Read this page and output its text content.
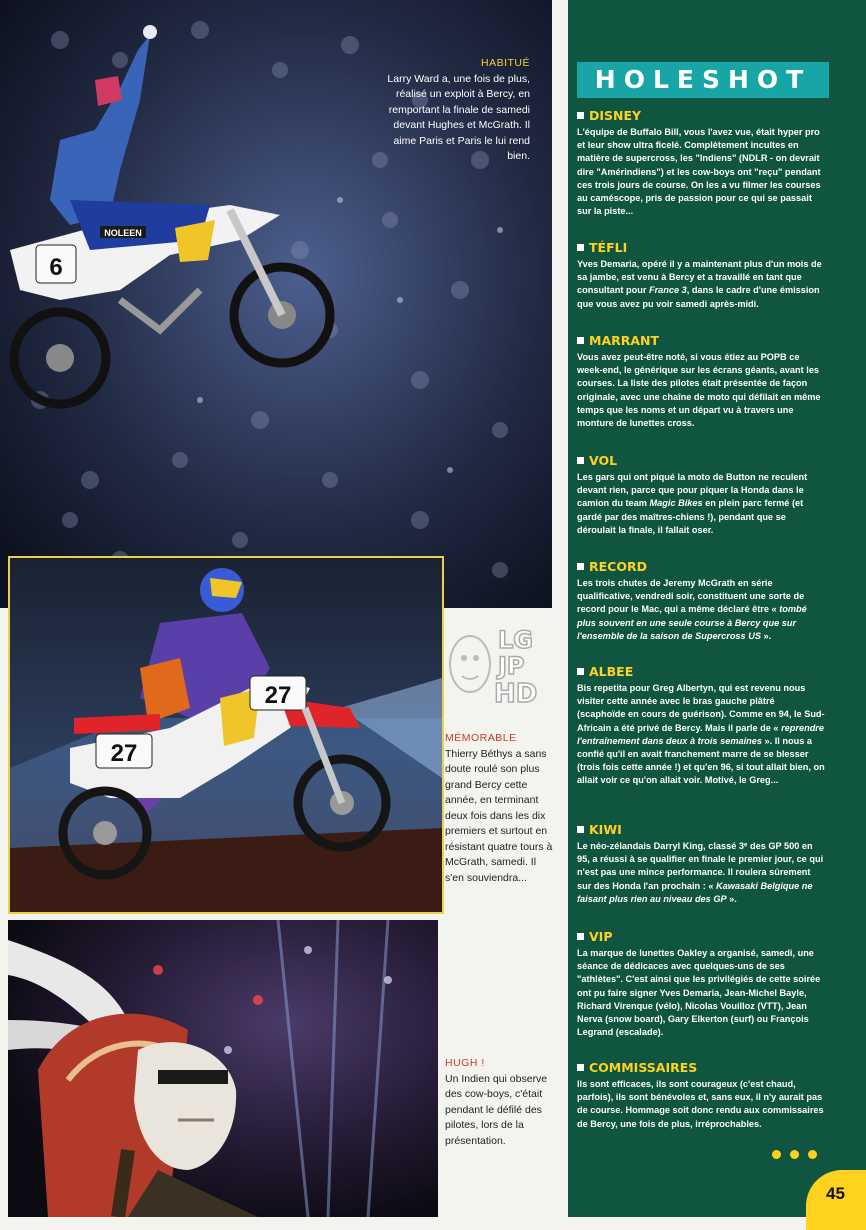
NOLEEN
6
27
27
HABITUÉ
Larry Ward a, une fois de plus, réalisé un exploit à Bercy, en remportant la finale de samedi devant Hughes et McGrath. Il aime Paris et Paris le lui rend bien.
MÉMORABLE
Thierry Béthys a sans doute roulé son plus grand Bercy cette année, en terminant deux fois dans les dix premiers et surtout en résistant quatre tours à McGrath, samedi. Il s'en souviendra...
HUGH !
Un Indien qui observe des cow-boys, c'était pendant le défilé des pilotes, lors de la présentation.
LG
JP
HD
HOLESHOT
DISNEY

L'équipe de Buffalo Bill, vous l'avez vue, était hyper pro et leur show ultra ficelé. Complètement incultes en matière de supercross, les "Indiens" (NDLR - on devrait dire "Amérindiens") et les cow-boys ont "reçu" pendant ces trois jours de course. On les a vu filmer les courses au caméscope, pris de passion pour ce qui se passait sur la piste...

TÉFLI

Yves Demaria, opéré il y a maintenant plus d'un mois de sa jambe, est venu à Bercy et a travaillé en tant que consultant pour France 3, dans le cadre d'une émission que vous avez pu voir samedi après-midi.

MARRANT

Vous avez peut-être noté, si vous étiez au POPB ce week-end, le générique sur les écrans géants, avant les courses. La liste des pilotes était présentée de façon originale, avec une chaîne de moto qui défilait en même temps que les noms et un départ vu à travers une monture de lunettes cross.

VOL

Les gars qui ont piqué la moto de Button ne reculent devant rien, parce que pour piquer la Honda dans le camion du team Magic Bikes en plein parc fermé (et gardé par des maîtres-chiens !), pendant que se déroulait la finale, il fallait oser.

RECORD

Les trois chutes de Jeremy McGrath en série qualificative, vendredi soir, constituent une sorte de record pour le Mac, qui a même déclaré être « tombé plus souvent en une seule course à Bercy que sur l'ensemble de la saison de Supercross US ».

ALBEE

Bis repetita pour Greg Albertyn, qui est revenu nous visiter cette année avec le bras gauche plâtré (scaphoïde en cours de guérison). Comme en 94, le Sud-Africain a été privé de Bercy. Mais il parle de « reprendre l'entraînement dans deux à trois semaines ». Il nous a confié qu'il en avait franchement marre de se blesser (trois fois cette année !) et qu'en 96, si tout allait bien, on allait voir ce qu'on allait voir. Motivé, le Greg...

KIWI

Le néo-zélandais Darryl King, classé 3ᵉ des GP 500 en 95, a réussi à se qualifier en finale le premier jour, ce qui n'est pas une mince performance. Il roulera sûrement sur des Honda l'an prochain : « Kawasaki Belgique ne faisant plus rien au niveau des GP ».

VIP

La marque de lunettes Oakley a organisé, samedi, une séance de dédicaces avec quelques-uns de ses "athlètes". C'est ainsi que les privilégiés de cette soirée ont pu faire signer Yves Demaria, Jean-Michel Bayle, Richard Virenque (vélo), Nicolas Vouilloz (VTT), Jean Nerva (snow board), Gary Elkerton (surf) ou François Legrand (escalade).

COMMISSAIRES

Ils sont efficaces, ils sont courageux (c'est chaud, parfois), ils sont bénévoles et, sans eux, il n'y aurait pas de course. Hommage soit donc rendu aux commissaires de Bercy, une fois de plus, irréprochables.

45
